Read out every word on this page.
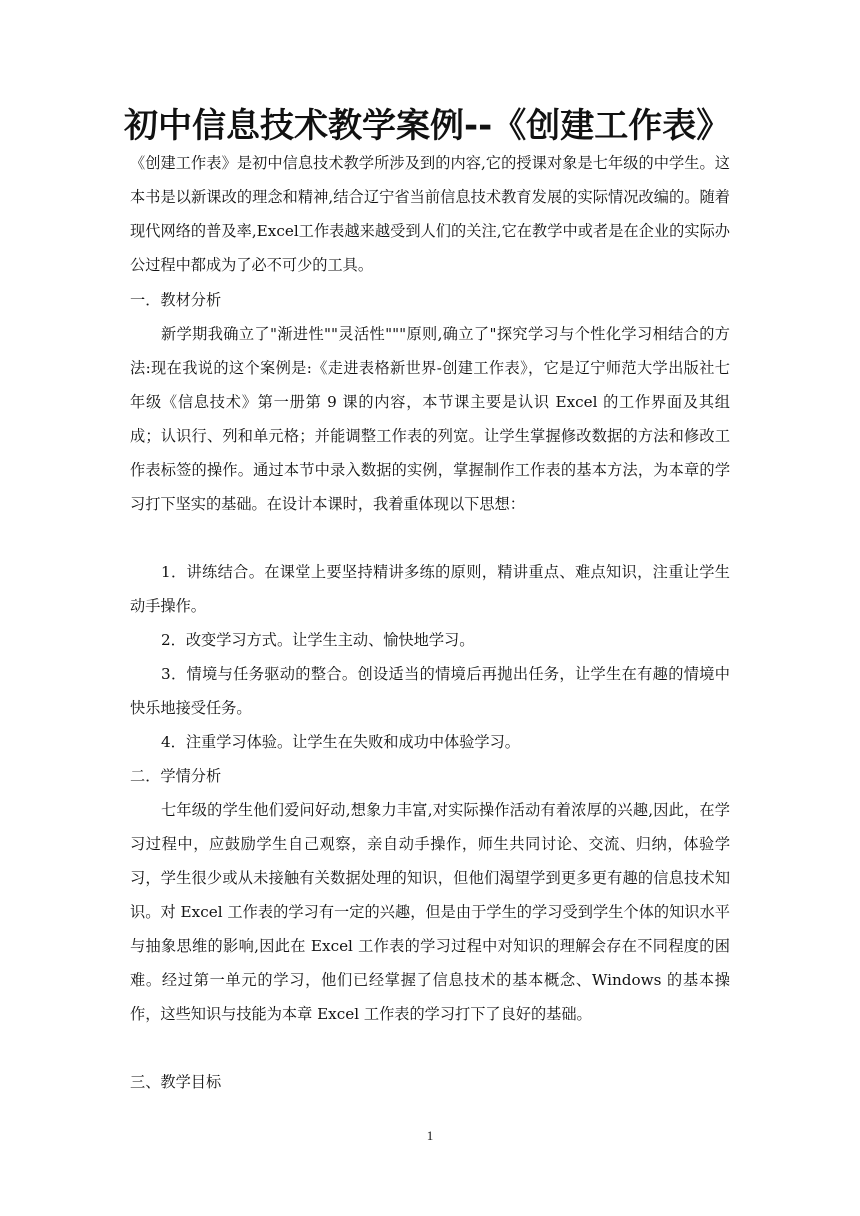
初中信息技术教学案例--《创建工作表》

《创建工作表》是初中信息技术教学所涉及到的内容,它的授课对象是七年级的中学生。这本书是以新课改的理念和精神,结合辽宁省当前信息技术教育发展的实际情况改编的。随着现代网络的普及率,Excel工作表越来越受到人们的关注,它在教学中或者是在企业的实际办公过程中都成为了必不可少的工具。

一．教材分析

新学期我确立了"渐进性""灵活性"""原则,确立了"探究学习与个性化学习相结合的方法:现在我说的这个案例是:《走进表格新世界-创建工作表》，它是辽宁师范大学出版社七年级《信息技术》第一册第 9 课的内容，本节课主要是认识 Excel 的工作界面及其组成；认识行、列和单元格；并能调整工作表的列宽。让学生掌握修改数据的方法和修改工作表标签的操作。通过本节中录入数据的实例，掌握制作工作表的基本方法，为本章的学习打下坚实的基础。在设计本课时，我着重体现以下思想：

1．讲练结合。在课堂上要坚持精讲多练的原则，精讲重点、难点知识，注重让学生动手操作。

2．改变学习方式。让学生主动、愉快地学习。

3．情境与任务驱动的整合。创设适当的情境后再抛出任务，让学生在有趣的情境中快乐地接受任务。

4．注重学习体验。让学生在失败和成功中体验学习。

二．学情分析

七年级的学生他们爱问好动,想象力丰富,对实际操作活动有着浓厚的兴趣,因此，在学习过程中，应鼓励学生自己观察，亲自动手操作，师生共同讨论、交流、归纳，体验学习，学生很少或从未接触有关数据处理的知识，但他们渴望学到更多更有趣的信息技术知识。对 Excel 工作表的学习有一定的兴趣，但是由于学生的学习受到学生个体的知识水平与抽象思维的影响,因此在 Excel 工作表的学习过程中对知识的理解会存在不同程度的困难。经过第一单元的学习，他们已经掌握了信息技术的基本概念、Windows 的基本操作，这些知识与技能为本章 Excel 工作表的学习打下了良好的基础。

三、教学目标

1
